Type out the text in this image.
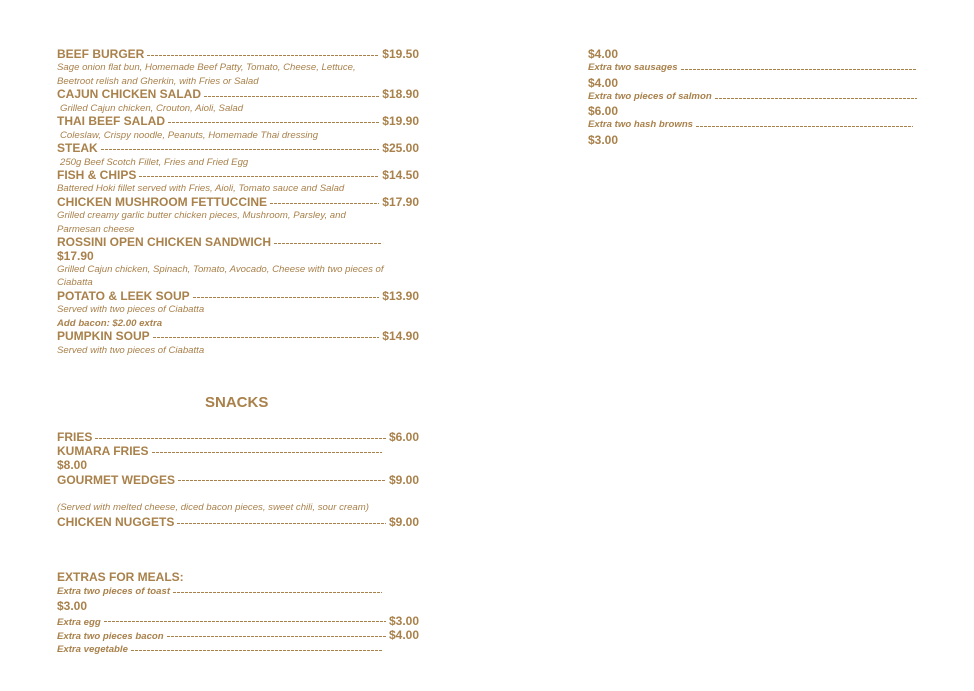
BEEF BURGER	$19.50
Sage onion flat bun, Homemade Beef Patty, Tomato, Cheese, Lettuce,
Beetroot relish and Gherkin, with Fries or Salad
CAJUN CHICKEN SALAD	$18.90
Grilled Cajun chicken, Crouton, Aioli, Salad
THAI BEEF SALAD	$19.90
Coleslaw, Crispy noodle, Peanuts, Homemade Thai dressing
STEAK	$25.00
250g Beef Scotch Fillet, Fries and Fried Egg
FISH & CHIPS	$14.50
Battered Hoki fillet served with Fries, Aioli, Tomato sauce and Salad
CHICKEN MUSHROOM FETTUCCINE	$17.90
Grilled creamy garlic butter chicken pieces, Mushroom, Parsley, and
Parmesan cheese
ROSSINI OPEN CHICKEN SANDWICH
$17.90
Grilled Cajun chicken, Spinach, Tomato, Avocado, Cheese with two pieces of
Ciabatta
POTATO & LEEK SOUP	$13.90
Served with two pieces of Ciabatta
Add bacon: $2.00 extra
PUMPKIN SOUP	$14.90
Served with two pieces of Ciabatta
SNACKS
FRIES	$6.00
KUMARA FRIES
$8.00
GOURMET WEDGES	$9.00
(Served with melted cheese, diced bacon pieces, sweet chili, sour cream)
CHICKEN NUGGETS	$9.00
EXTRAS FOR MEALS:
Extra two pieces of toast
$3.00
Extra egg	$3.00
Extra two pieces bacon	$4.00
Extra vegetable
$4.00
Extra two sausages
$4.00
Extra two pieces of salmon
$6.00
Extra two hash browns
$3.00
